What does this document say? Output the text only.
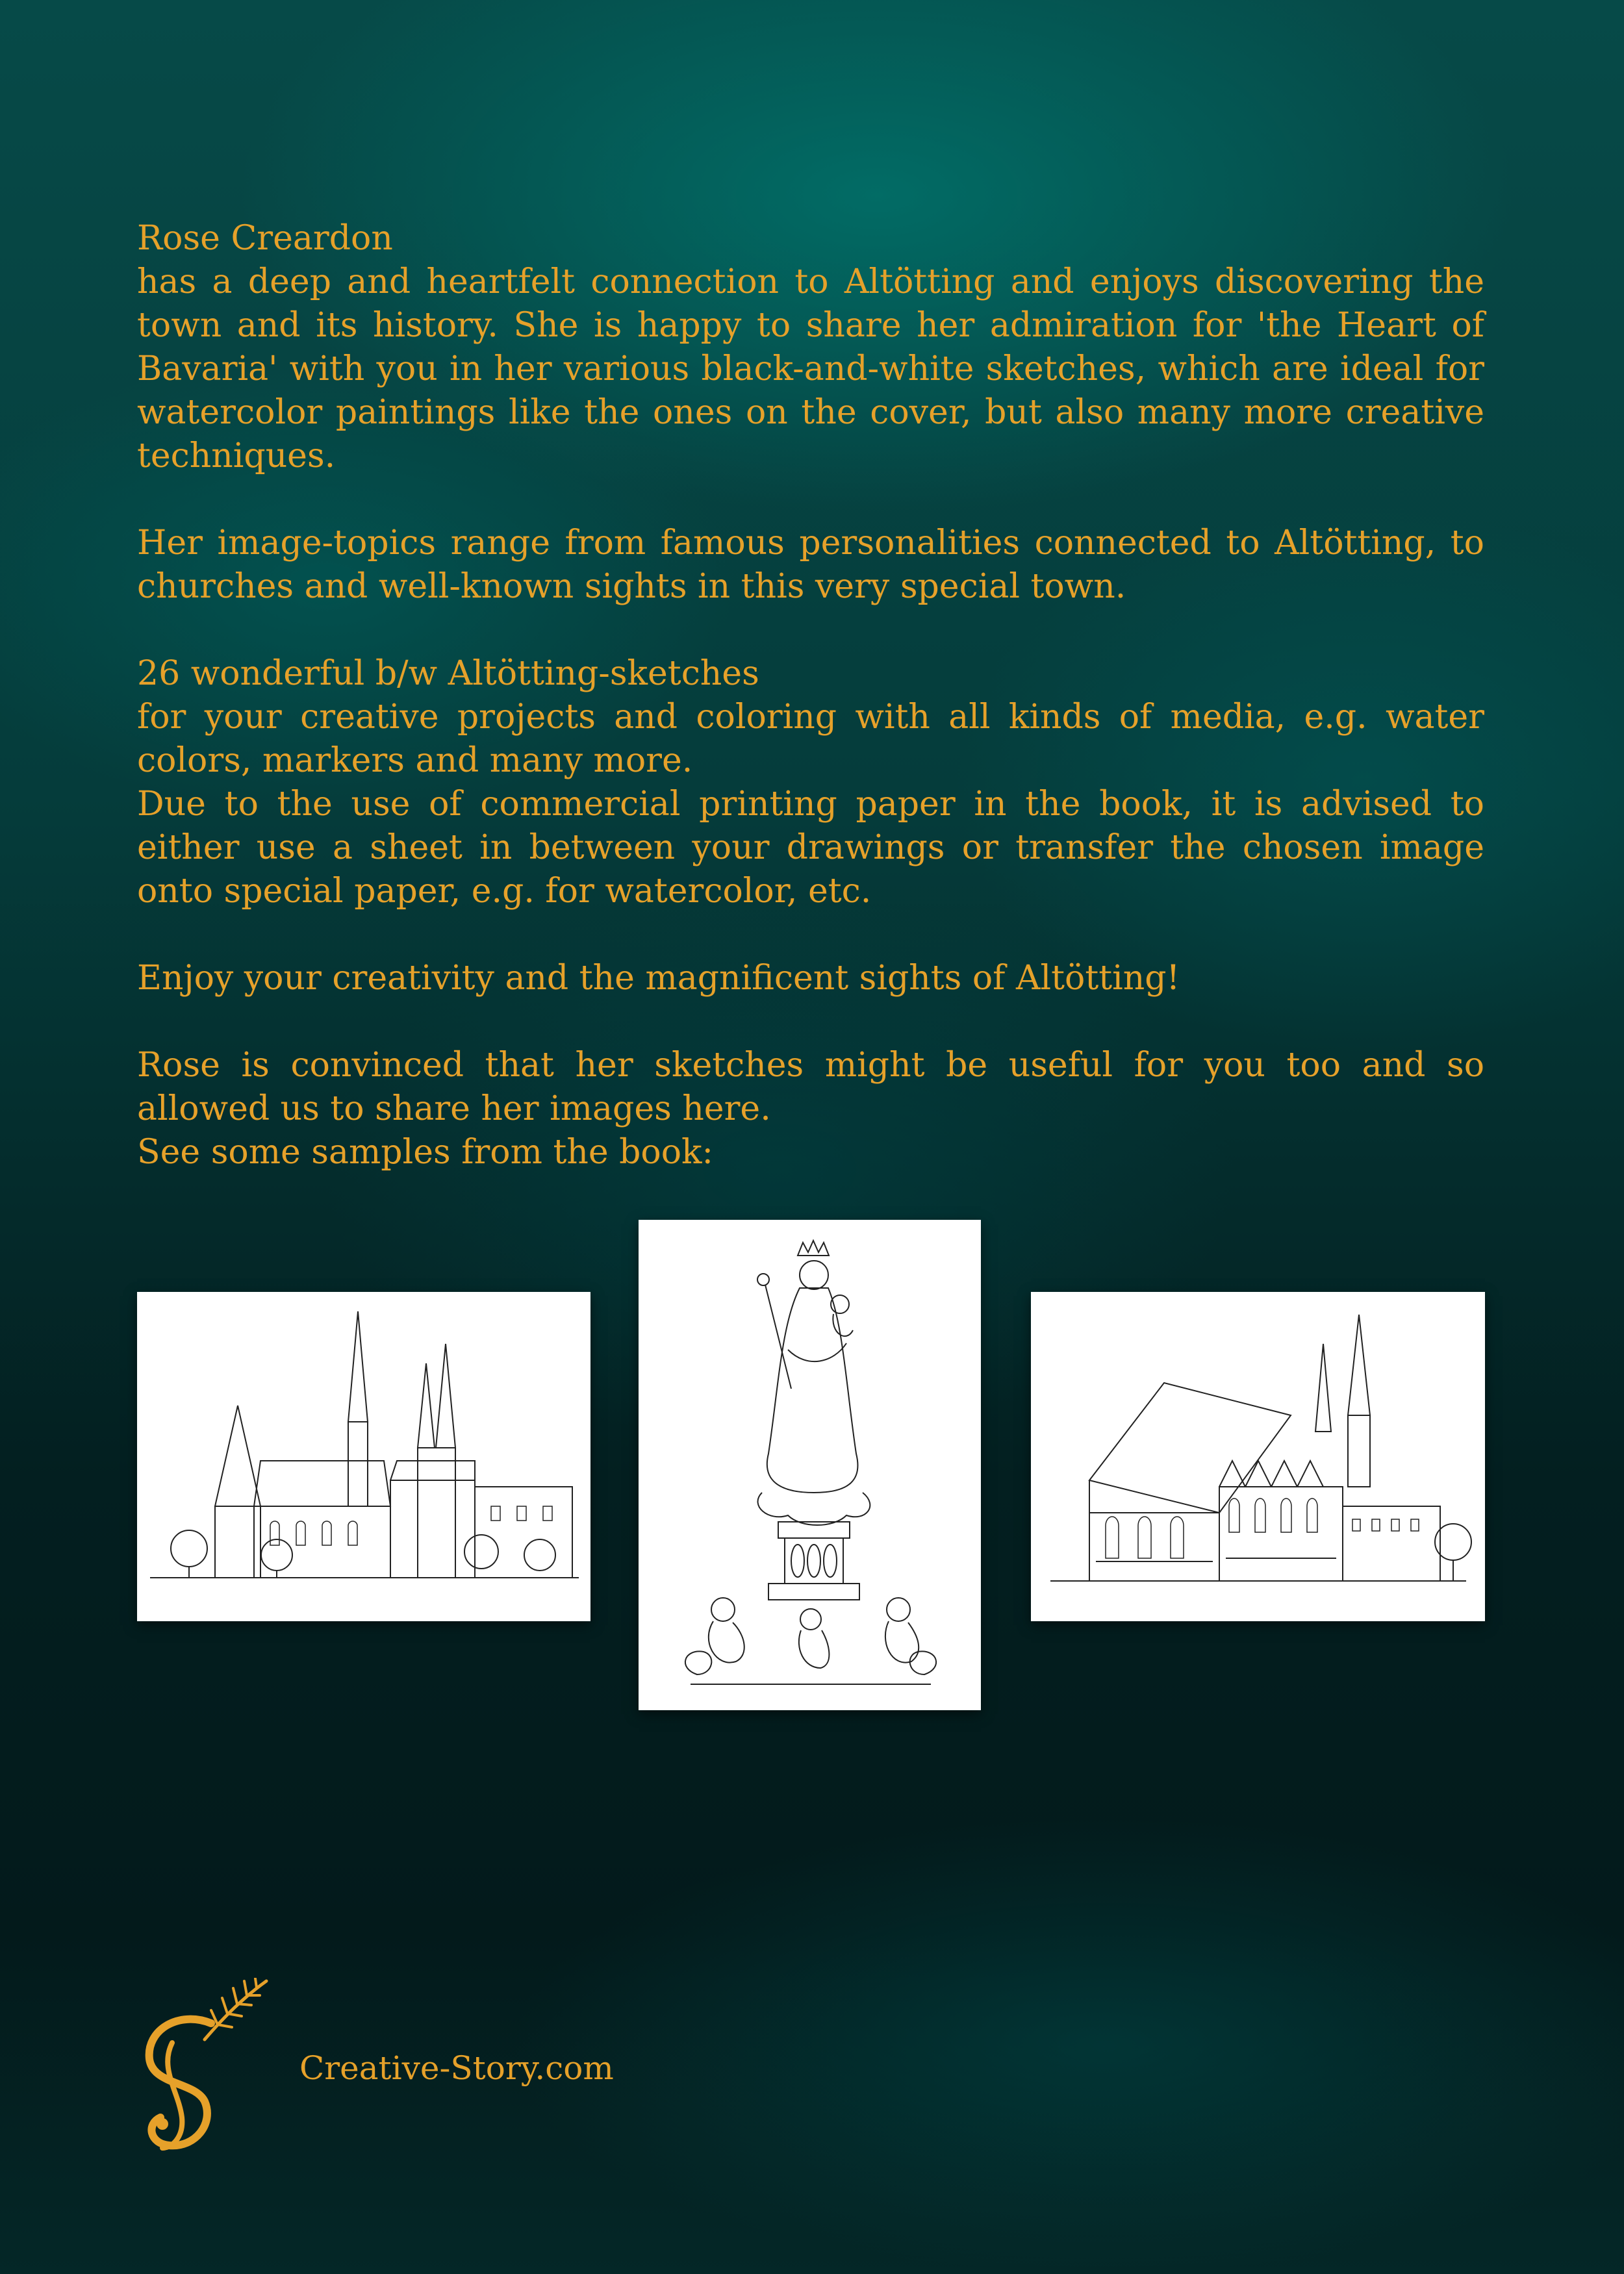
Rose Creardon

has a deep and heartfelt connection to Altötting and enjoys discovering the town and its history. She is happy to share her admiration for 'the Heart of Bavaria' with you in her various black-and-white sketches, which are ideal for watercolor paintings like the ones on the cover, but also many more creative techniques.

Her image-topics range from famous personalities connected to Altötting, to churches and well-known sights in this very special town.

26 wonderful b/w Altötting-sketches

for your creative projects and coloring with all kinds of media, e.g. water colors, markers and many more.

Due to the use of commercial printing paper in the book, it is advised to either use a sheet in between your drawings or transfer the chosen image onto special paper, e.g. for watercolor, etc.

Enjoy your creativity and the magnificent sights of Altötting!

Rose is convinced that her sketches might be useful for you too and so allowed us to share her images here.

See some samples from the book:

Creative-Story.com
